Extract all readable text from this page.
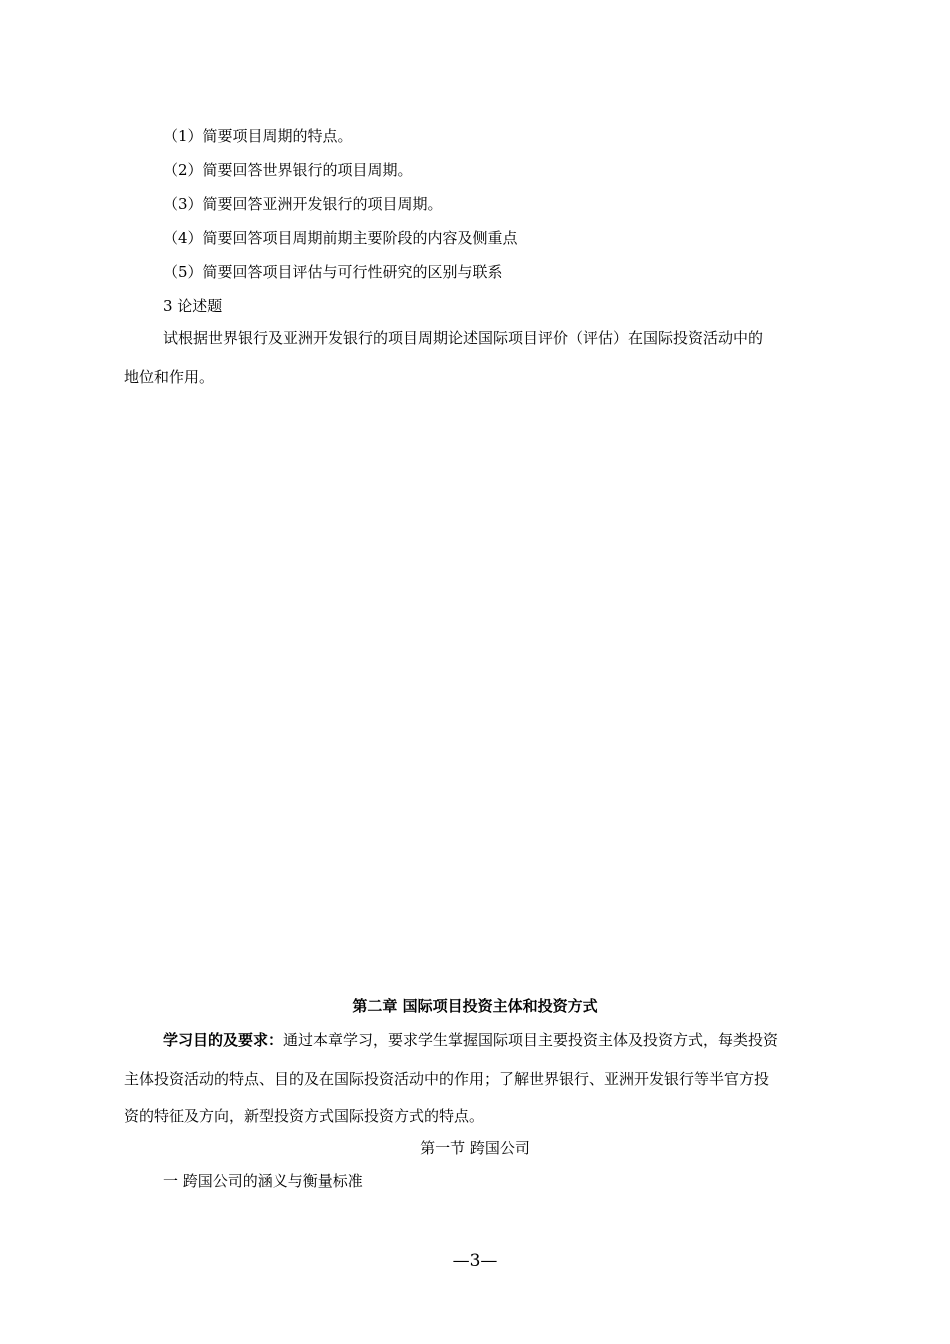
（1）简要项目周期的特点。
（2）简要回答世界银行的项目周期。
（3）简要回答亚洲开发银行的项目周期。
（4）简要回答项目周期前期主要阶段的内容及侧重点
（5）简要回答项目评估与可行性研究的区别与联系
3 论述题
试根据世界银行及亚洲开发银行的项目周期论述国际项目评价（评估）在国际投资活动中的
地位和作用。
第二章 国际项目投资主体和投资方式
学习目的及要求：通过本章学习，要求学生掌握国际项目主要投资主体及投资方式，每类投资
主体投资活动的特点、目的及在国际投资活动中的作用；了解世界银行、亚洲开发银行等半官方投
资的特征及方向，新型投资方式国际投资方式的特点。
第一节 跨国公司
一 跨国公司的涵义与衡量标准
—3—
